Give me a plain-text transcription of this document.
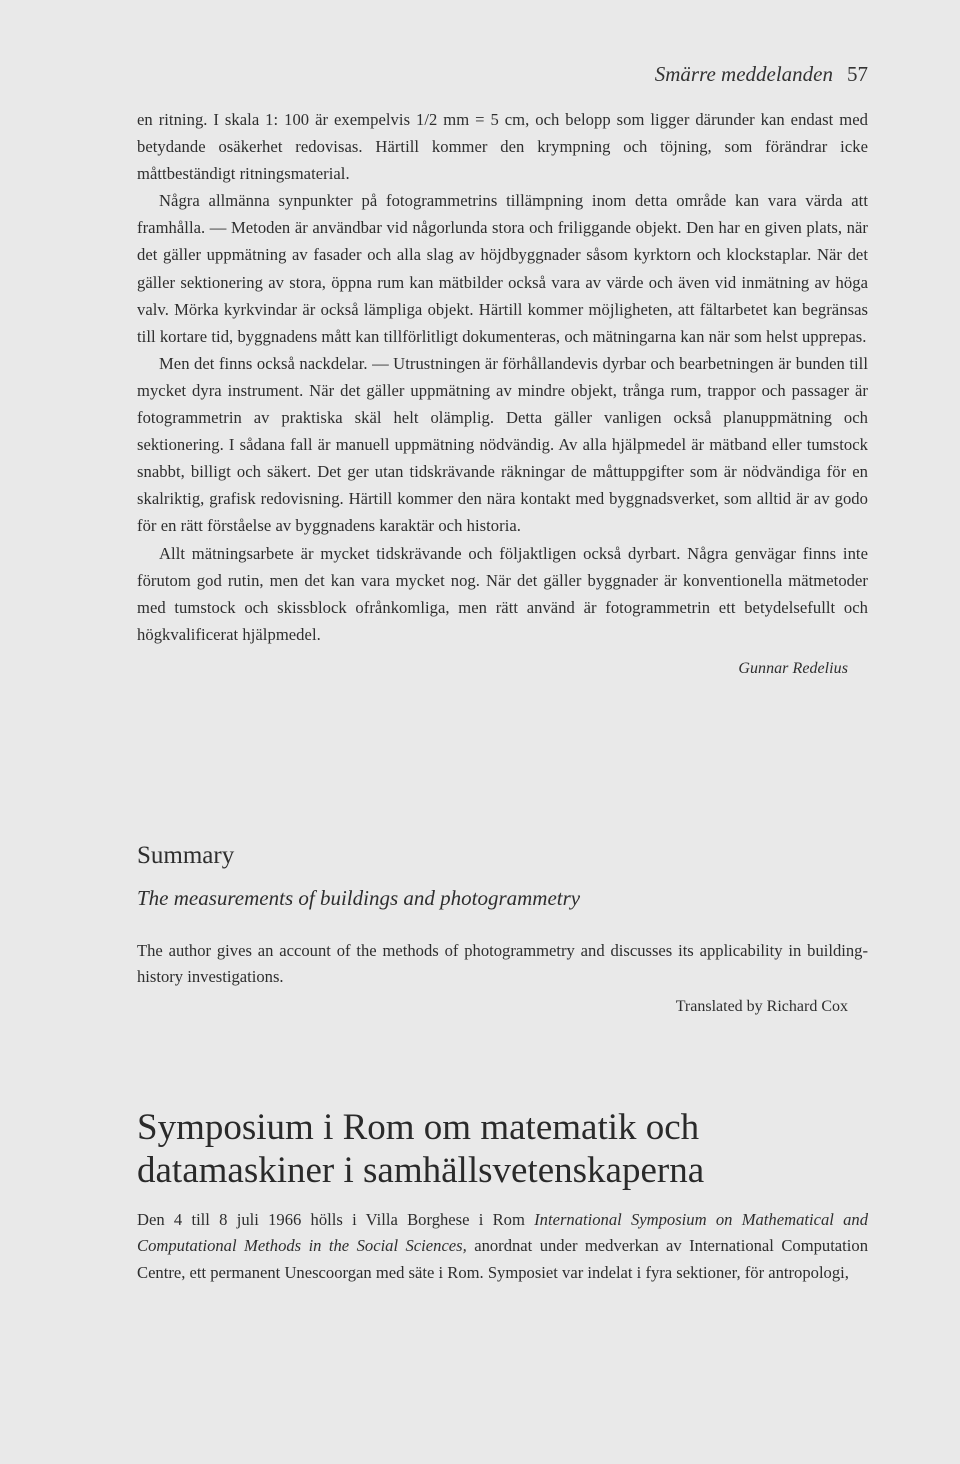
Smärre meddelanden 57

en ritning. I skala 1: 100 är exempelvis 1/2 mm = 5 cm, och belopp som ligger därunder kan endast med betydande osäkerhet redovisas. Härtill kommer den krympning och töjning, som förändrar icke måttbeständigt ritningsmaterial.

Några allmänna synpunkter på fotogrammetrins tillämpning inom detta område kan vara värda att framhålla. — Metoden är användbar vid någorlunda stora och friliggande objekt. Den har en given plats, när det gäller uppmätning av fasader och alla slag av höjdbyggnader såsom kyrktorn och klockstaplar. När det gäller sektionering av stora, öppna rum kan mätbilder också vara av värde och även vid inmätning av höga valv. Mörka kyrkvindar är också lämpliga objekt. Härtill kommer möjligheten, att fältarbetet kan begränsas till kortare tid, byggnadens mått kan tillförlitligt dokumenteras, och mätningarna kan när som helst upprepas.

Men det finns också nackdelar. — Utrustningen är förhållandevis dyrbar och bearbetningen är bunden till mycket dyra instrument. När det gäller uppmätning av mindre objekt, trånga rum, trappor och passager är fotogrammetrin av praktiska skäl helt olämplig. Detta gäller vanligen också planuppmätning och sektionering. I sådana fall är manuell uppmätning nödvändig. Av alla hjälpmedel är mätband eller tumstock snabbt, billigt och säkert. Det ger utan tidskrävande räkningar de måttuppgifter som är nödvändiga för en skalriktig, grafisk redovisning. Härtill kommer den nära kontakt med byggnadsverket, som alltid är av godo för en rätt förståelse av byggnadens karaktär och historia.

Allt mätningsarbete är mycket tidskrävande och följaktligen också dyrbart. Några genvägar finns inte förutom god rutin, men det kan vara mycket nog. När det gäller byggnader är konventionella mätmetoder med tumstock och skissblock ofrånkomliga, men rätt använd är fotogrammetrin ett betydelsefullt och högkvalificerat hjälpmedel.

Gunnar Redelius
Summary
The measurements of buildings and photogrammetry

The author gives an account of the methods of photogrammetry and discusses its applicability in building-history investigations.

Translated by Richard Cox
Symposium i Rom om matematik och datamaskiner i samhällsvetenskaperna

Den 4 till 8 juli 1966 hölls i Villa Borghese i Rom International Symposium on Mathematical and Computational Methods in the Social Sciences, anordnat under medverkan av International Computation Centre, ett permanent Unescoorgan med säte i Rom. Symposiet var indelat i fyra sektioner, för antropologi,
